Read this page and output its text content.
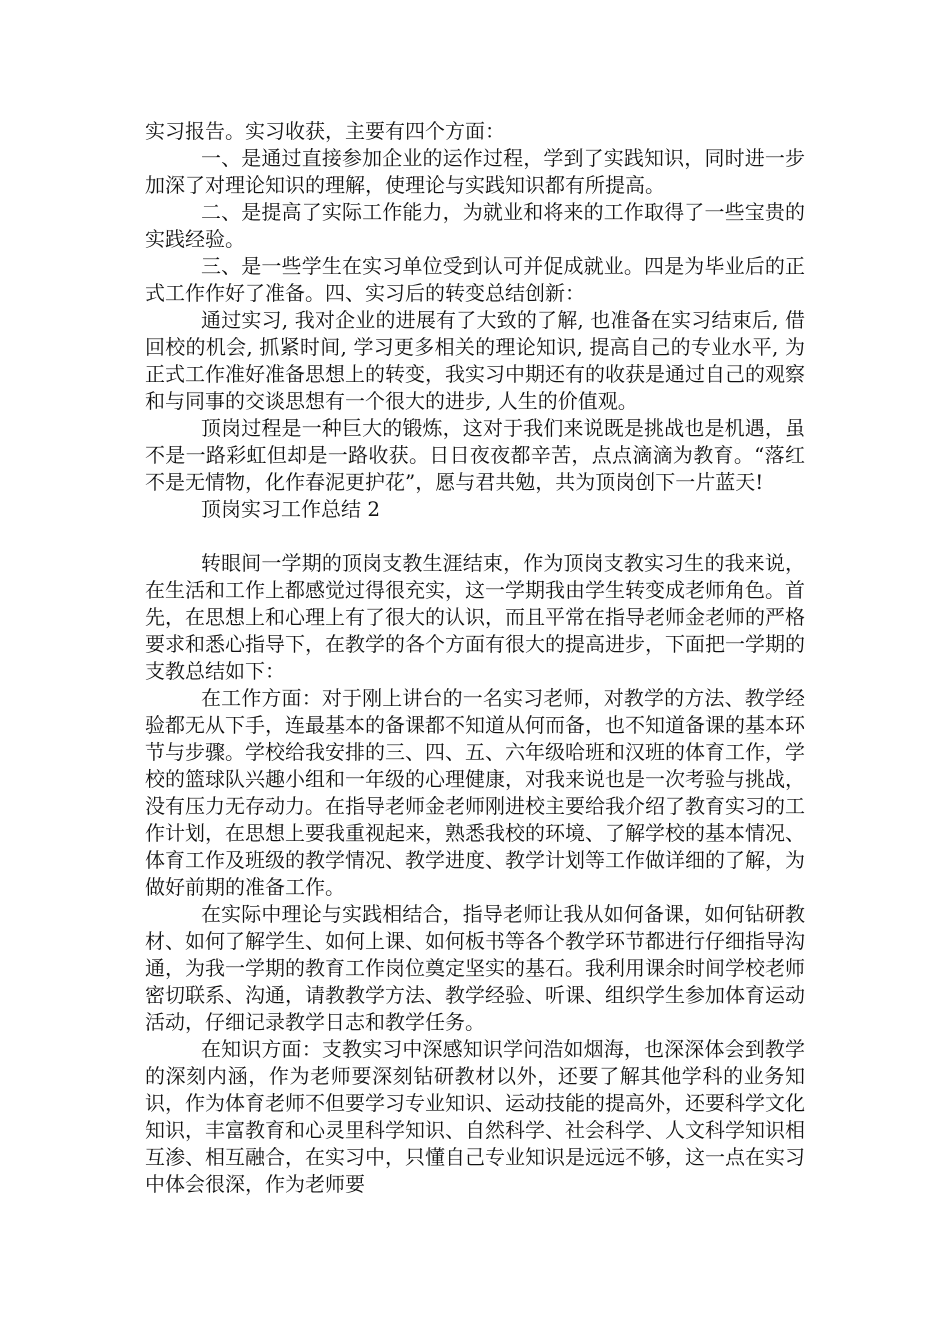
实习报告。实习收获，主要有四个方面：

一、是通过直接参加企业的运作过程，学到了实践知识，同时进一步加深了对理论知识的理解，使理论与实践知识都有所提高。

二、是提高了实际工作能力，为就业和将来的工作取得了一些宝贵的实践经验。

三、是一些学生在实习单位受到认可并促成就业。四是为毕业后的正式工作作好了准备。四、实习后的转变总结创新：

通过实习, 我对企业的进展有了大致的了解, 也准备在实习结束后, 借回校的机会, 抓紧时间, 学习更多相关的理论知识, 提高自己的专业水平, 为正式工作准好准备思想上的转变，我实习中期还有的收获是通过自己的观察和与同事的交谈思想有一个很大的进步, 人生的价值观。

顶岗过程是一种巨大的锻炼，这对于我们来说既是挑战也是机遇，虽不是一路彩虹但却是一路收获。日日夜夜都辛苦，点点滴滴为教育。“落红不是无情物，化作春泥更护花”，愿与君共勉，共为顶岗创下一片蓝天!

顶岗实习工作总结 2

转眼间一学期的顶岗支教生涯结束，作为顶岗支教实习生的我来说，在生活和工作上都感觉过得很充实，这一学期我由学生转变成老师角色。首先，在思想上和心理上有了很大的认识，而且平常在指导老师金老师的严格要求和悉心指导下，在教学的各个方面有很大的提高进步，下面把一学期的支教总结如下：

在工作方面：对于刚上讲台的一名实习老师，对教学的方法、教学经验都无从下手，连最基本的备课都不知道从何而备，也不知道备课的基本环节与步骤。学校给我安排的三、四、五、六年级哈班和汉班的体育工作，学校的篮球队兴趣小组和一年级的心理健康，对我来说也是一次考验与挑战，没有压力无存动力。在指导老师金老师刚进校主要给我介绍了教育实习的工作计划，在思想上要我重视起来，熟悉我校的环境、了解学校的基本情况、体育工作及班级的教学情况、教学进度、教学计划等工作做详细的了解，为做好前期的准备工作。

在实际中理论与实践相结合，指导老师让我从如何备课，如何钻研教材、如何了解学生、如何上课、如何板书等各个教学环节都进行仔细指导沟通，为我一学期的教育工作岗位奠定坚实的基石。我利用课余时间学校老师密切联系、沟通，请教教学方法、教学经验、听课、组织学生参加体育运动活动，仔细记录教学日志和教学任务。

在知识方面：支教实习中深感知识学问浩如烟海，也深深体会到教学的深刻内涵，作为老师要深刻钻研教材以外，还要了解其他学科的业务知识，作为体育老师不但要学习专业知识、运动技能的提高外，还要科学文化知识，丰富教育和心灵里科学知识、自然科学、社会科学、人文科学知识相互渗、相互融合，在实习中，只懂自己专业知识是远远不够，这一点在实习中体会很深，作为老师要
